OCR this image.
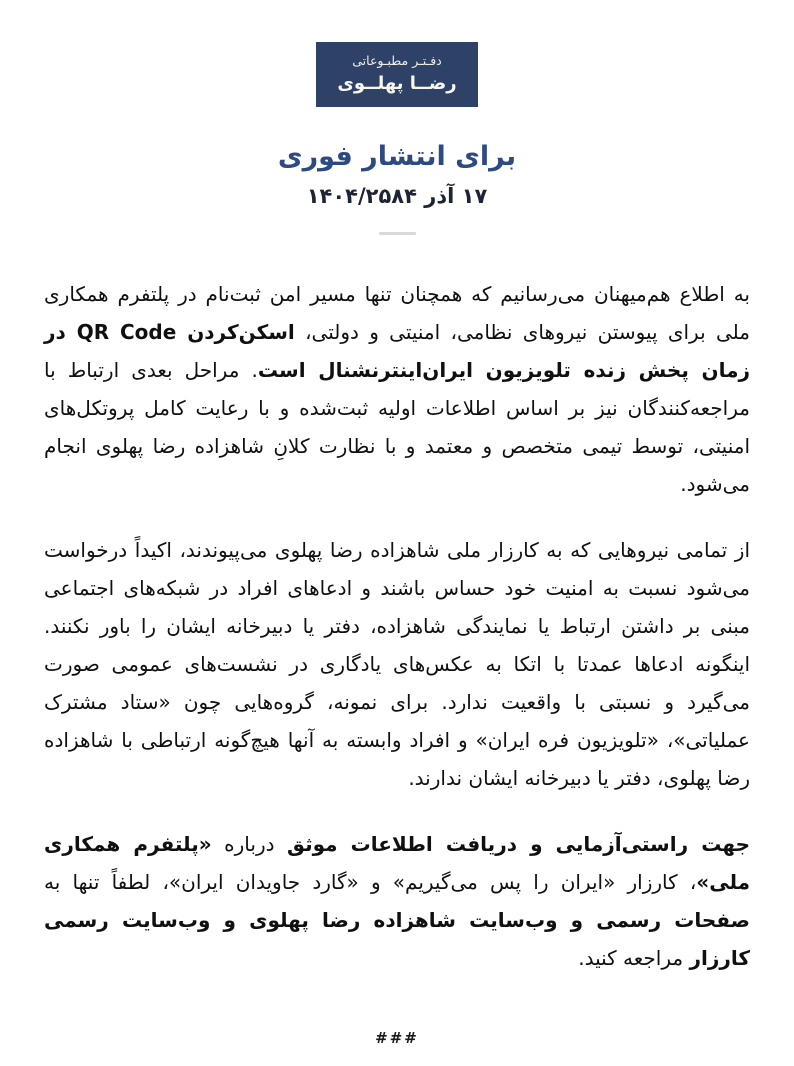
دفـتـر مطبـوعاتی
رضــا پهلــوی
برای انتشار فوری
۱۷ آذر ۱۴۰۴/۲۵۸۴

به اطلاع هم‌میهنان می‌رسانیم که همچنان تنها مسیر امن ثبت‌نام در پلتفرم همکاری ملی برای پیوستن نیروهای نظامی، امنیتی و دولتی، اسکن‌کردن QR Code در زمان پخش زنده تلویزیون ایران‌اینترنشنال است. مراحل بعدی ارتباط با مراجعه‌کنندگان نیز بر اساس اطلاعات اولیه ثبت‌شده و با رعایت کامل پروتکل‌های امنیتی، توسط تیمی متخصص و معتمد و با نظارت کلانِ شاهزاده رضا پهلوی انجام می‌شود.

از تمامی نیروهایی که به کارزار ملی شاهزاده رضا پهلوی می‌پیوندند، اکیداً درخواست می‌شود نسبت به امنیت خود حساس باشند و ادعاهای افراد در شبکه‌های اجتماعی مبنی بر داشتن ارتباط یا نمایندگی شاهزاده، دفتر یا دبیرخانه ایشان را باور نکنند. اینگونه ادعاها عمدتا با اتکا به عکس‌های یادگاری در نشست‌های عمومی صورت می‌گیرد و نسبتی با واقعیت ندارد. برای نمونه، گروه‌هایی چون «ستاد مشترک عملیاتی»، «تلویزیون فره ایران» و افراد وابسته به آنها هیچ‌گونه ارتباطی با شاهزاده رضا پهلوی، دفتر یا دبیرخانه ایشان ندارند.

جهت راستی‌آزمایی و دریافت اطلاعات موثق درباره «پلتفرم همکاری ملی»، کارزار «ایران را پس می‌گیریم» و «گارد جاویدان ایران»، لطفاً تنها به صفحات رسمی و وب‌سایت شاهزاده رضا پهلوی و وب‌سایت رسمی کارزار مراجعه کنید.

###
